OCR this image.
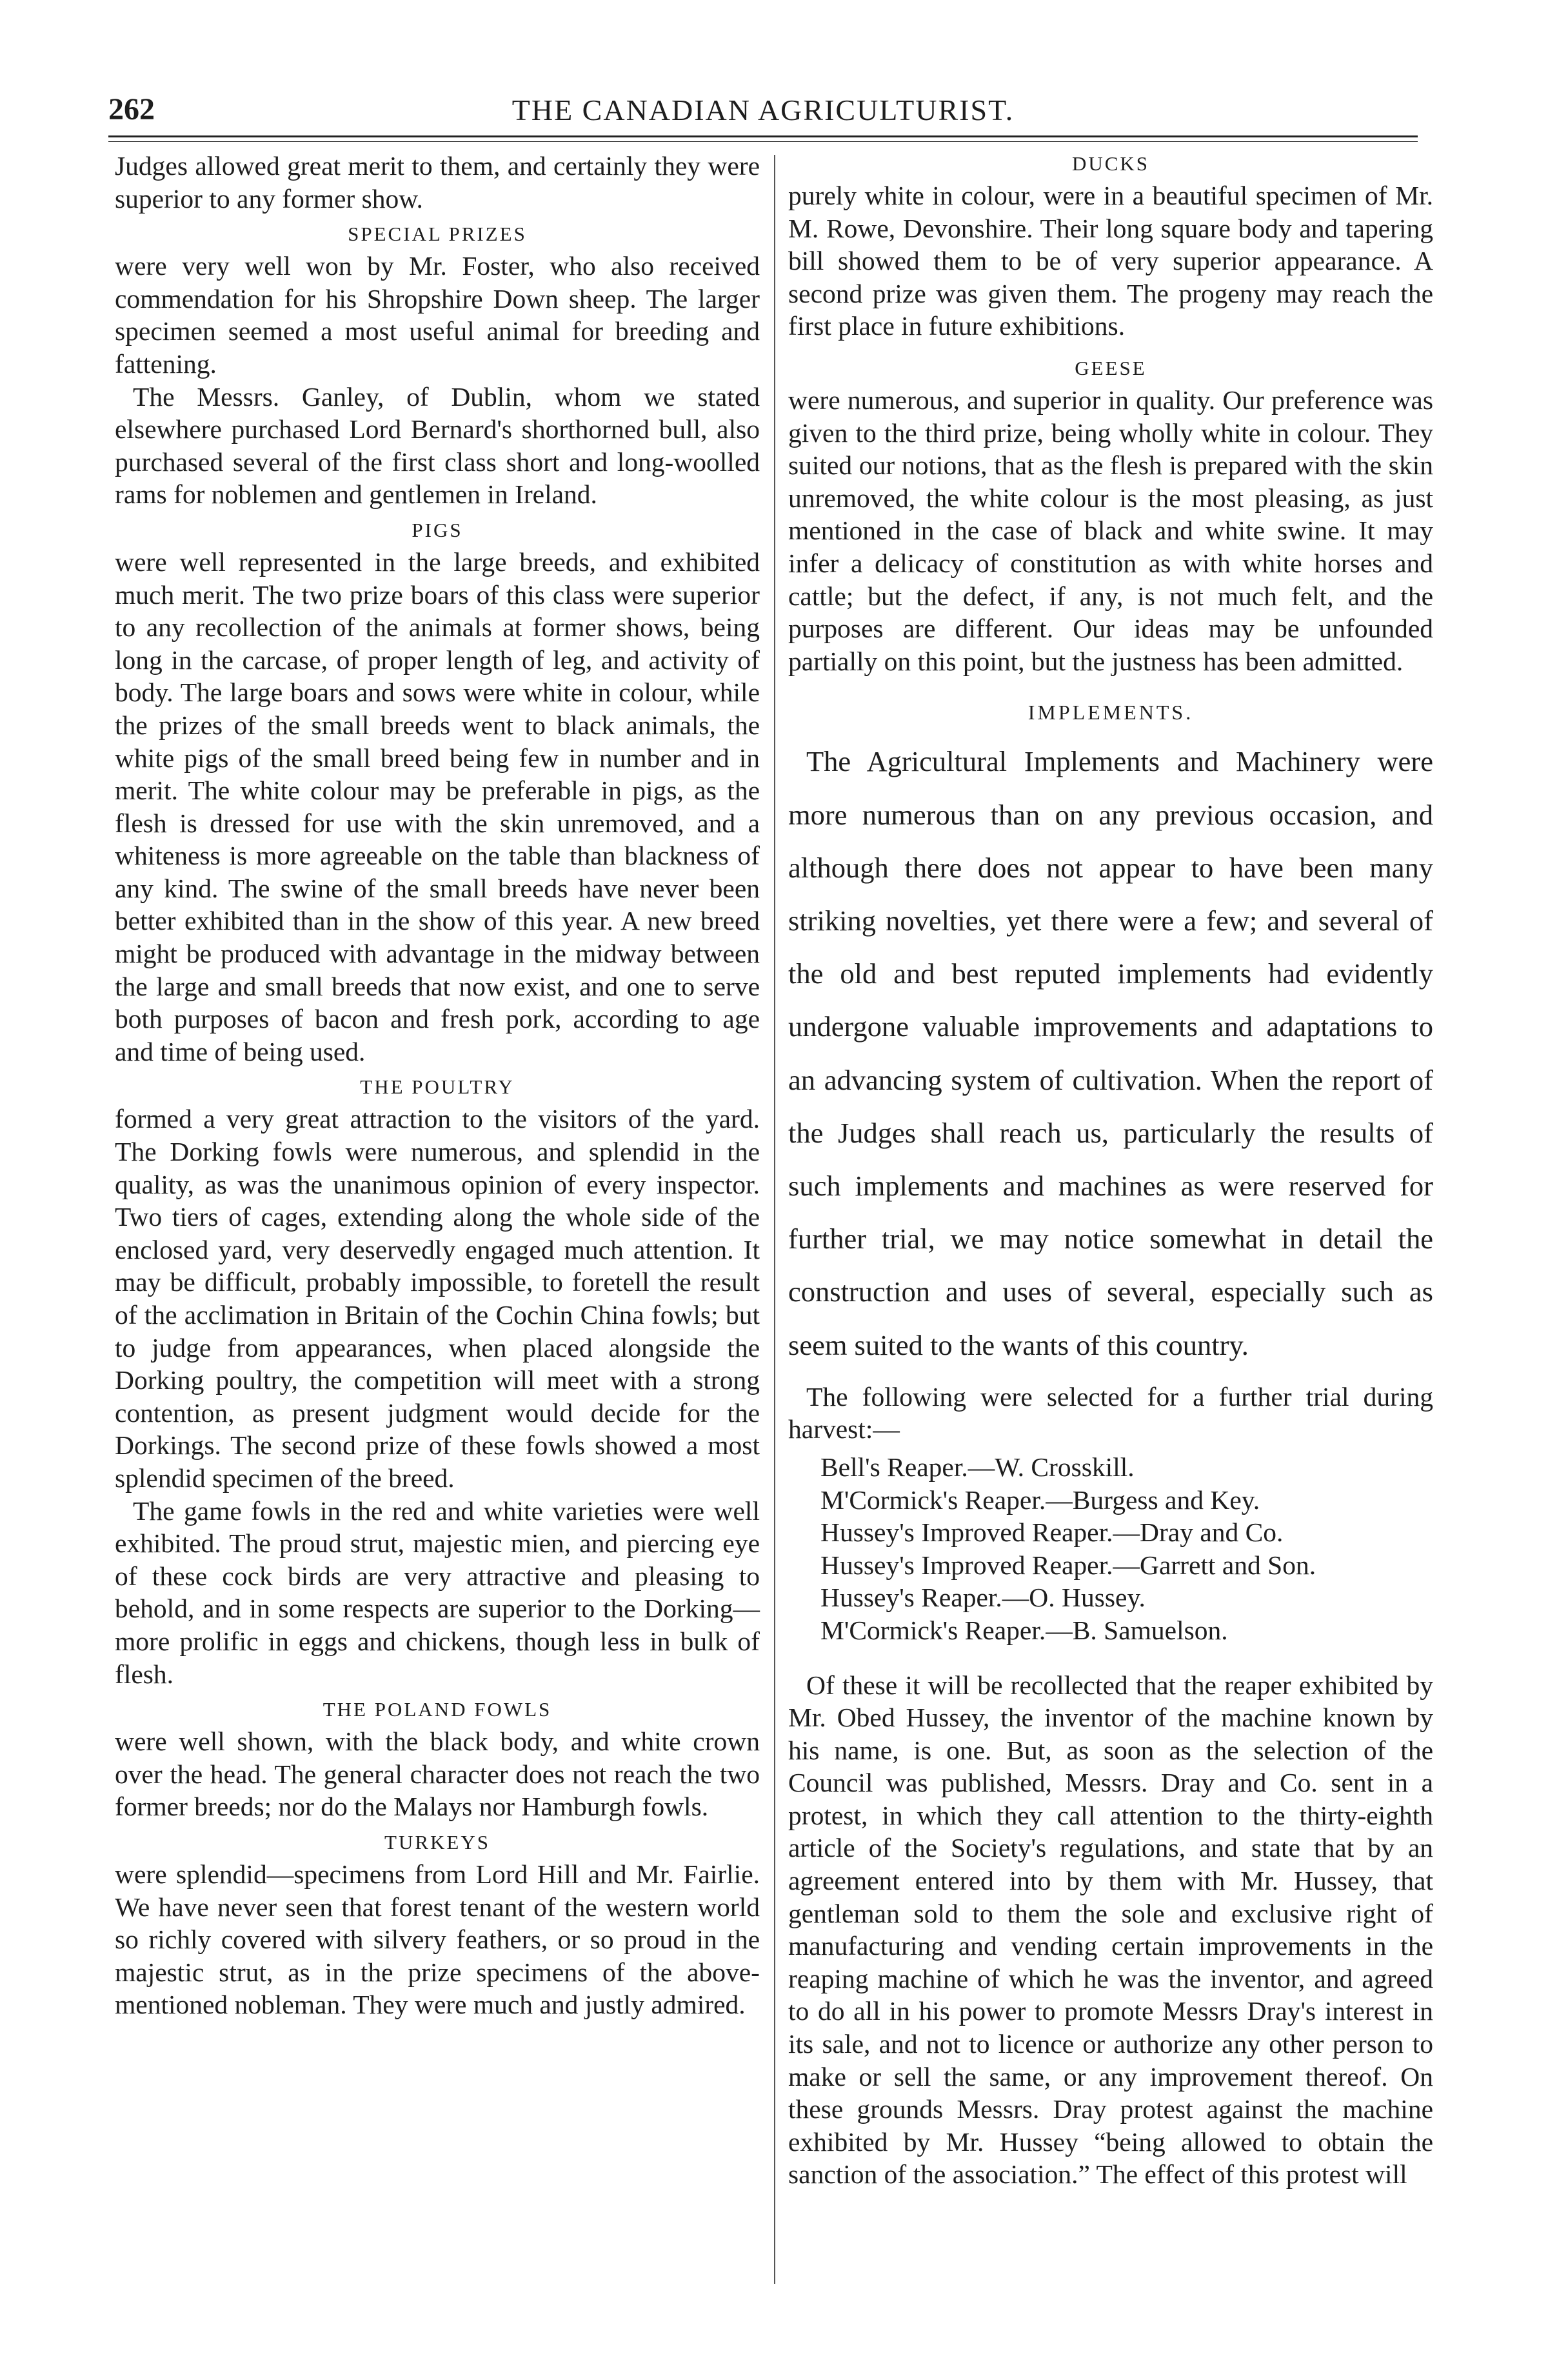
262	THE CANADIAN AGRICULTURIST.

Judges allowed great merit to them, and certainly they were superior to any former show.

SPECIAL PRIZES

were very well won by Mr. Foster, who also received commendation for his Shropshire Down sheep. The larger specimen seemed a most useful animal for breeding and fattening.

The Messrs. Ganley, of Dublin, whom we stated elsewhere purchased Lord Bernard's shorthorned bull, also purchased several of the first class short and long-woolled rams for noblemen and gentlemen in Ireland.

PIGS

were well represented in the large breeds, and exhibited much merit. The two prize boars of this class were superior to any recollection of the animals at former shows, being long in the carcase, of proper length of leg, and activity of body. The large boars and sows were white in colour, while the prizes of the small breeds went to black animals, the white pigs of the small breed being few in number and in merit. The white colour may be preferable in pigs, as the flesh is dressed for use with the skin unremoved, and a whiteness is more agreeable on the table than blackness of any kind. The swine of the small breeds have never been better exhibited than in the show of this year. A new breed might be produced with advantage in the midway between the large and small breeds that now exist, and one to serve both purposes of bacon and fresh pork, according to age and time of being used.

THE POULTRY

formed a very great attraction to the visitors of the yard. The Dorking fowls were numerous, and splendid in the quality, as was the unanimous opinion of every inspector. Two tiers of cages, extending along the whole side of the enclosed yard, very deservedly engaged much attention. It may be difficult, probably impossible, to foretell the result of the acclimation in Britain of the Cochin China fowls; but to judge from appearances, when placed alongside the Dorking poultry, the competition will meet with a strong contention, as present judgment would decide for the Dorkings. The second prize of these fowls showed a most splendid specimen of the breed.

The game fowls in the red and white varieties were well exhibited. The proud strut, majestic mien, and piercing eye of these cock birds are very attractive and pleasing to behold, and in some respects are superior to the Dorking—more prolific in eggs and chickens, though less in bulk of flesh.

THE POLAND FOWLS

were well shown, with the black body, and white crown over the head. The general character does not reach the two former breeds; nor do the Malays nor Hamburgh fowls.

TURKEYS

were splendid—specimens from Lord Hill and Mr. Fairlie. We have never seen that forest tenant of the western world so richly covered with silvery feathers, or so proud in the majestic strut, as in the prize specimens of the above-mentioned nobleman. They were much and justly admired.

DUCKS

purely white in colour, were in a beautiful specimen of Mr. M. Rowe, Devonshire. Their long square body and tapering bill showed them to be of very superior appearance. A second prize was given them. The progeny may reach the first place in future exhibitions.

GEESE

were numerous, and superior in quality. Our preference was given to the third prize, being wholly white in colour. They suited our notions, that as the flesh is prepared with the skin unremoved, the white colour is the most pleasing, as just mentioned in the case of black and white swine. It may infer a delicacy of constitution as with white horses and cattle; but the defect, if any, is not much felt, and the purposes are different. Our ideas may be unfounded partially on this point, but the justness has been admitted.

IMPLEMENTS.

The Agricultural Implements and Machinery were more numerous than on any previous occasion, and although there does not appear to have been many striking novelties, yet there were a few; and several of the old and best reputed implements had evidently undergone valuable improvements and adaptations to an advancing system of cultivation. When the report of the Judges shall reach us, particularly the results of such implements and machines as were reserved for further trial, we may notice somewhat in detail the construction and uses of several, especially such as seem suited to the wants of this country.

The following were selected for a further trial during harvest:—

Bell's Reaper.—W. Crosskill.
M'Cormick's Reaper.—Burgess and Key.
Hussey's Improved Reaper.—Dray and Co.
Hussey's Improved Reaper.—Garrett and Son.
Hussey's Reaper.—O. Hussey.
M'Cormick's Reaper.—B. Samuelson.

Of these it will be recollected that the reaper exhibited by Mr. Obed Hussey, the inventor of the machine known by his name, is one. But, as soon as the selection of the Council was published, Messrs. Dray and Co. sent in a protest, in which they call attention to the thirty-eighth article of the Society's regulations, and state that by an agreement entered into by them with Mr. Hussey, that gentleman sold to them the sole and exclusive right of manufacturing and vending certain improvements in the reaping machine of which he was the inventor, and agreed to do all in his power to promote Messrs Dray's interest in its sale, and not to licence or authorize any other person to make or sell the same, or any improvement thereof. On these grounds Messrs. Dray protest against the machine exhibited by Mr. Hussey “being allowed to obtain the sanction of the association.” The effect of this protest will
